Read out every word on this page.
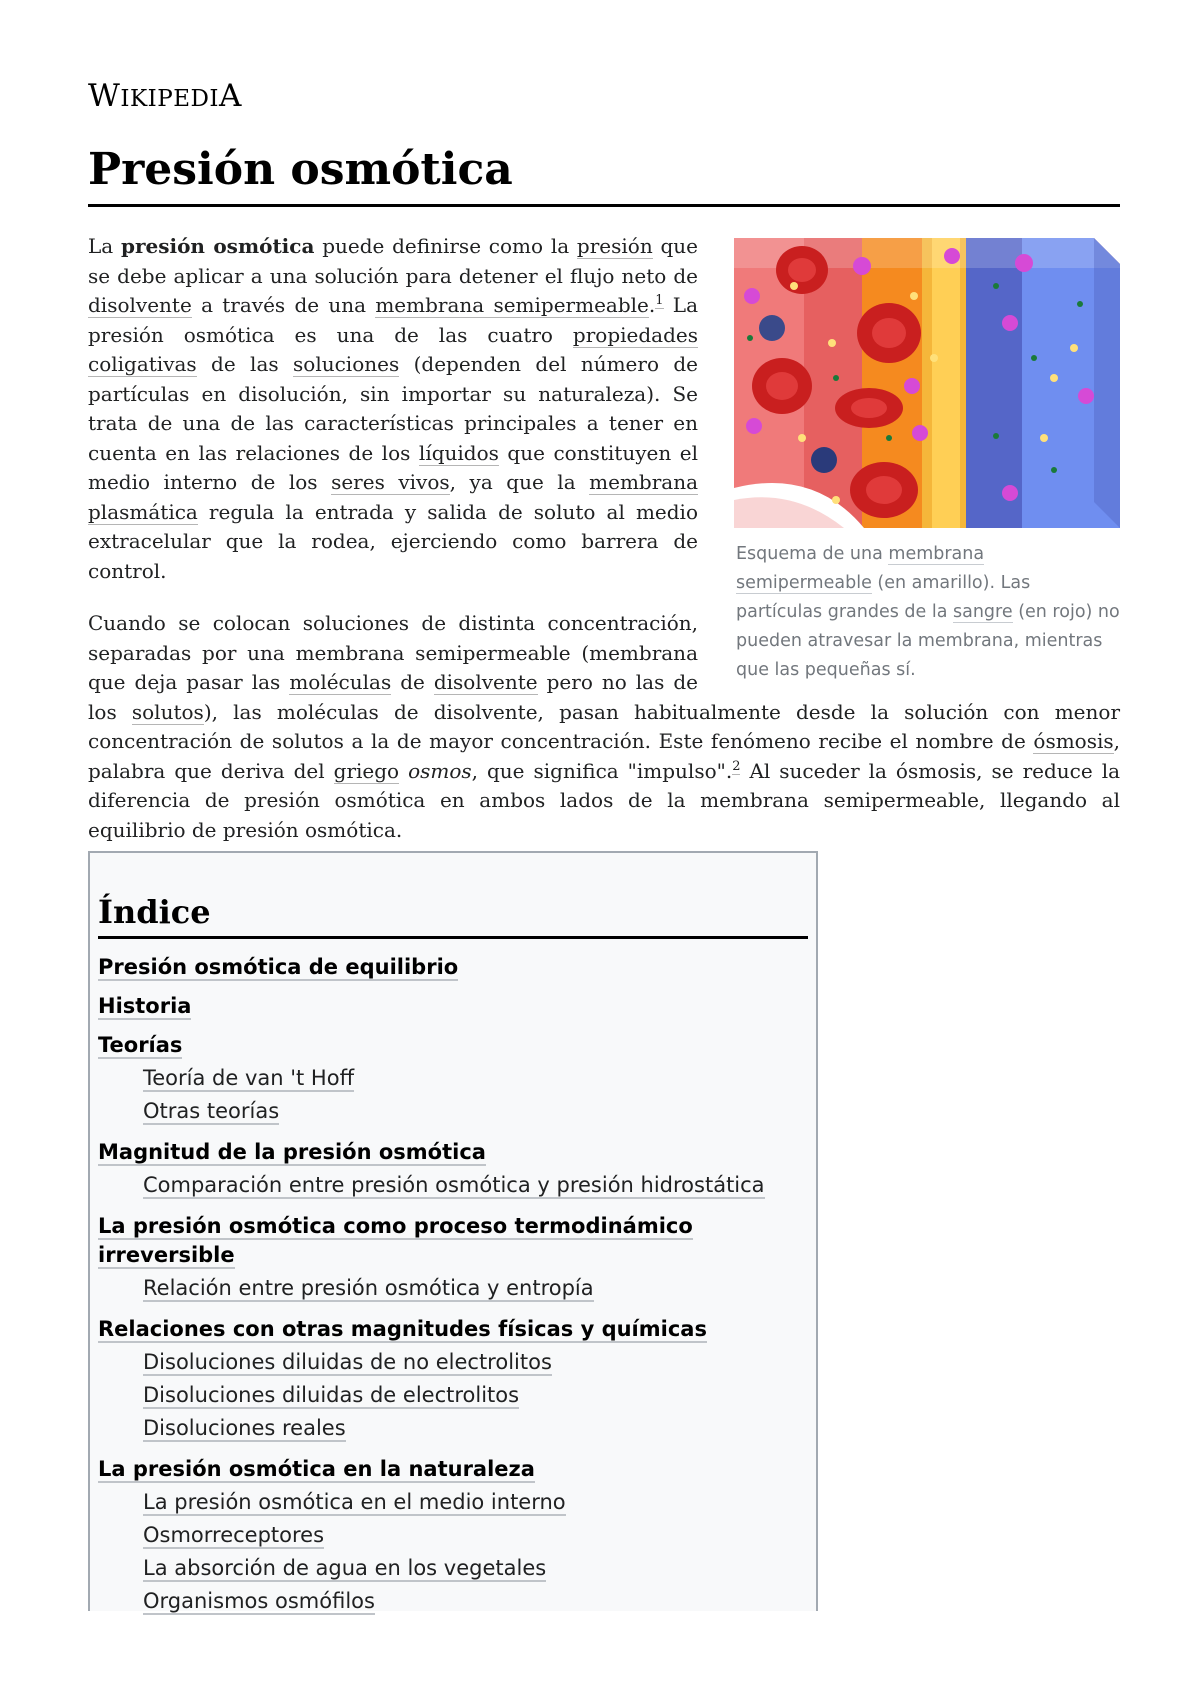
WIKIPEDIA
Presión osmótica
Esquema de una membrana semipermeable (en amarillo). Las partículas grandes de la sangre (en rojo) no pueden atravesar la membrana, mientras que las pequeñas sí.

La presión osmótica puede definirse como la presión que se debe aplicar a una solución para detener el flujo neto de disolvente a través de una membrana semipermeable.$^1$ La presión osmótica es una de las cuatro propiedades coligativas de las soluciones (dependen del número de partículas en disolución, sin importar su naturaleza). Se trata de una de las características principales a tener en cuenta en las relaciones de los líquidos que constituyen el medio interno de los seres vivos, ya que la membrana plasmática regula la entrada y salida de soluto al medio extracelular que la rodea, ejerciendo como barrera de control.

Cuando se colocan soluciones de distinta concentración, separadas por una membrana semipermeable (membrana que deja pasar las moléculas de disolvente pero no las de los solutos), las moléculas de disolvente, pasan habitualmente desde la solución con menor concentración de solutos a la de mayor concentración. Este fenómeno recibe el nombre de ósmosis, palabra que deriva del griego osmos, que significa "impulso".$^2$ Al suceder la ósmosis, se reduce la diferencia de presión osmótica en ambos lados de la membrana semipermeable, llegando al equilibrio de presión osmótica.

Índice
Presión osmótica de equilibrio
Historia
Teorías
Teoría de van 't Hoff
Otras teorías
Magnitud de la presión osmótica
Comparación entre presión osmótica y presión hidrostática
La presión osmótica como proceso termodinámico irreversible
Relación entre presión osmótica y entropía
Relaciones con otras magnitudes físicas y químicas
Disoluciones diluidas de no electrolitos
Disoluciones diluidas de electrolitos
Disoluciones reales
La presión osmótica en la naturaleza
La presión osmótica en el medio interno
Osmorreceptores
La absorción de agua en los vegetales
Organismos osmófilos
